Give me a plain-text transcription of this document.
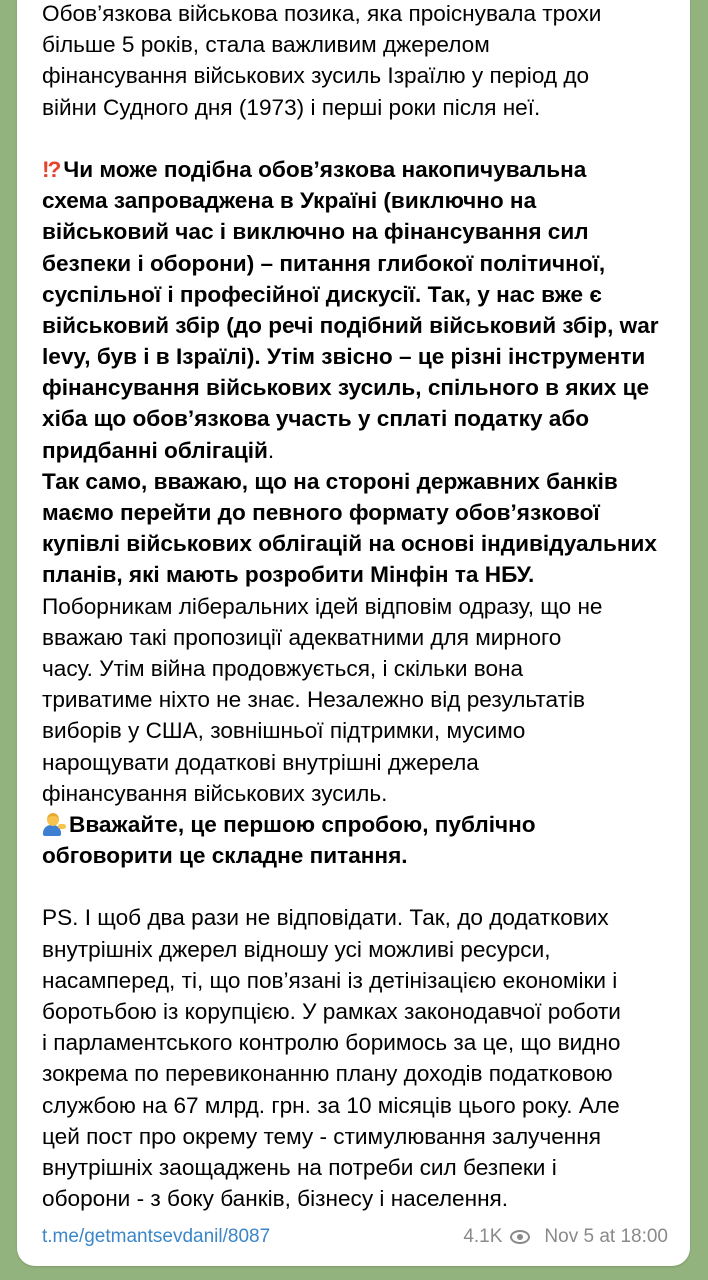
Обов’язкова військова позика, яка проіснувала трохи
більше 5 років, стала важливим джерелом
фінансування військових зусиль Ізраїлю у період до
війни Судного дня (1973) і перші роки після неї.
!? Чи може подібна обов’язкова накопичувальна
схема запроваджена в Україні (виключно на
військовий час і виключно на фінансування сил
безпеки і оборони) – питання глибокої політичної,
суспільної і професійної дискусії. Так, у нас вже є
військовий збір (до речі подібний військовий збір, war
levy, був і в Ізраїлі). Утім звісно – це різні інструменти
фінансування військових зусиль, спільного в яких це
хіба що обов’язкова участь у сплаті податку або
придбанні облігацій.
Так само, вважаю, що на стороні державних банків
маємо перейти до певного формату обов’язкової
купівлі військових облігацій на основі індивідуальних
планів, які мають розробити Мінфін та НБУ.
Поборникам ліберальних ідей відповім одразу, що не
вважаю такі пропозиції адекватними для мирного
часу. Утім війна продовжується, і скільки вона
триватиме ніхто не знає. Незалежно від результатів
виборів у США, зовнішньої підтримки, мусимо
нарощувати додаткові внутрішні джерела
фінансування військових зусиль.
Вважайте, це першою спробою, публічно
обговорити це складне питання.
PS. І щоб два рази не відповідати. Так, до додаткових
внутрішніх джерел відношу усі можливі ресурси,
насамперед, ті, що пов’язані із детінізацією економіки і
боротьбою із корупцією. У рамках законодавчої роботи
і парламентського контролю боримось за це, що видно
зокрема по перевиконанню плану доходів податковою
службою на 67 млрд. грн. за 10 місяців цього року. Але
цей пост про окрему тему - стимулювання залучення
внутрішніх заощаджень на потреби сил безпеки і
оборони - з боку банків, бізнесу і населення.
t.me/getmantsevdanil/8087	4.1K Nov 5 at 18:00
